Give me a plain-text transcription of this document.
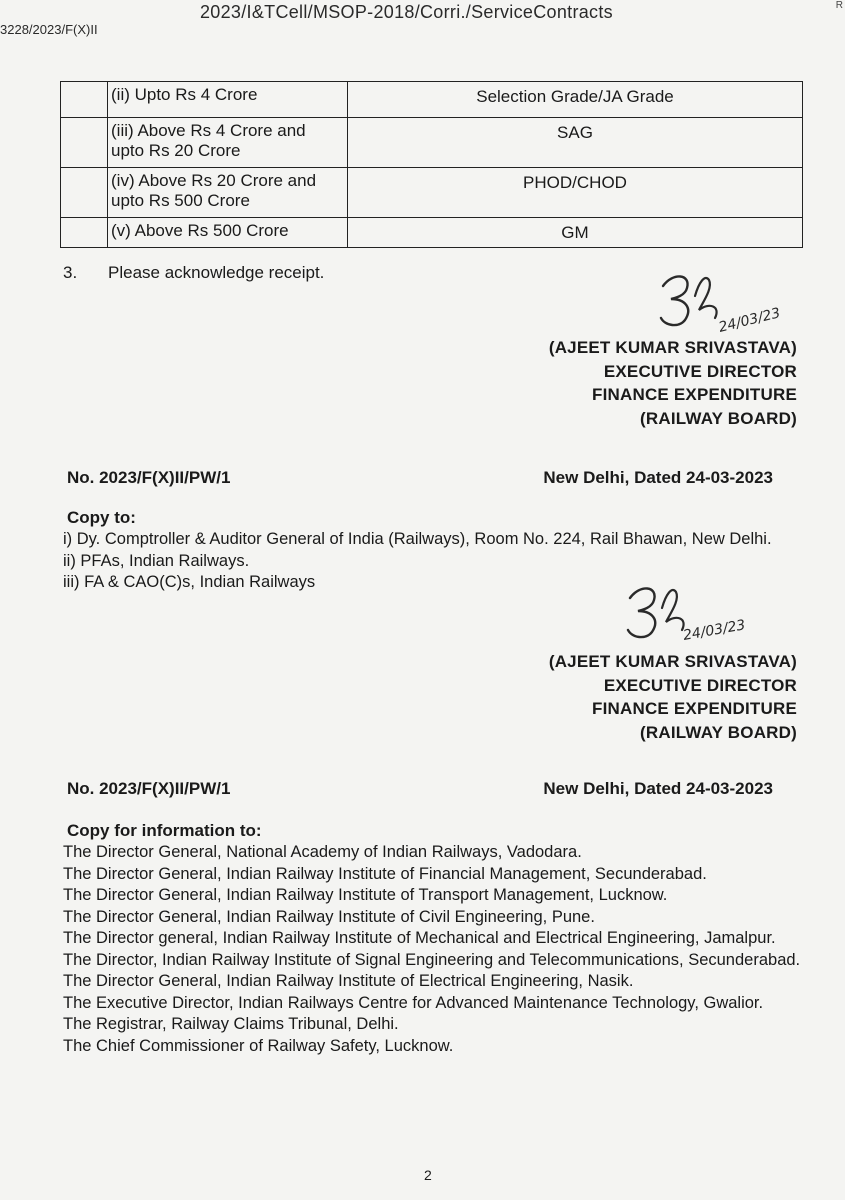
2023/I&TCell/MSOP-2018/Corri./ServiceContracts
3228/2023/F(X)II
R
	(ii) Upto Rs 4 Crore	Selection Grade/JA Grade
	(iii) Above Rs 4 Crore and upto Rs 20 Crore	SAG
	(iv) Above Rs 20 Crore and upto Rs 500 Crore	PHOD/CHOD
	(v) Above Rs 500 Crore	GM
3. Please acknowledge receipt.
24/03/23
(AJEET KUMAR SRIVASTAVA)
EXECUTIVE DIRECTOR
FINANCE EXPENDITURE
(RAILWAY BOARD)
No. 2023/F(X)II/PW/1	New Delhi, Dated 24-03-2023
Copy to:
i) Dy. Comptroller & Auditor General of India (Railways), Room No. 224, Rail Bhawan, New Delhi.
ii) PFAs, Indian Railways.
iii) FA & CAO(C)s, Indian Railways
24/03/23
(AJEET KUMAR SRIVASTAVA)
EXECUTIVE DIRECTOR
FINANCE EXPENDITURE
(RAILWAY BOARD)
No. 2023/F(X)II/PW/1	New Delhi, Dated 24-03-2023
Copy for information to:
The Director General, National Academy of Indian Railways, Vadodara.
The Director General, Indian Railway Institute of Financial Management, Secunderabad.
The Director General, Indian Railway Institute of Transport Management, Lucknow.
The Director General, Indian Railway Institute of Civil Engineering, Pune.
The Director general, Indian Railway Institute of Mechanical and Electrical Engineering, Jamalpur.
The Director, Indian Railway Institute of Signal Engineering and Telecommunications, Secunderabad.
The Director General, Indian Railway Institute of Electrical Engineering, Nasik.
The Executive Director, Indian Railways Centre for Advanced Maintenance Technology, Gwalior.
The Registrar, Railway Claims Tribunal, Delhi.
The Chief Commissioner of Railway Safety, Lucknow.
2
